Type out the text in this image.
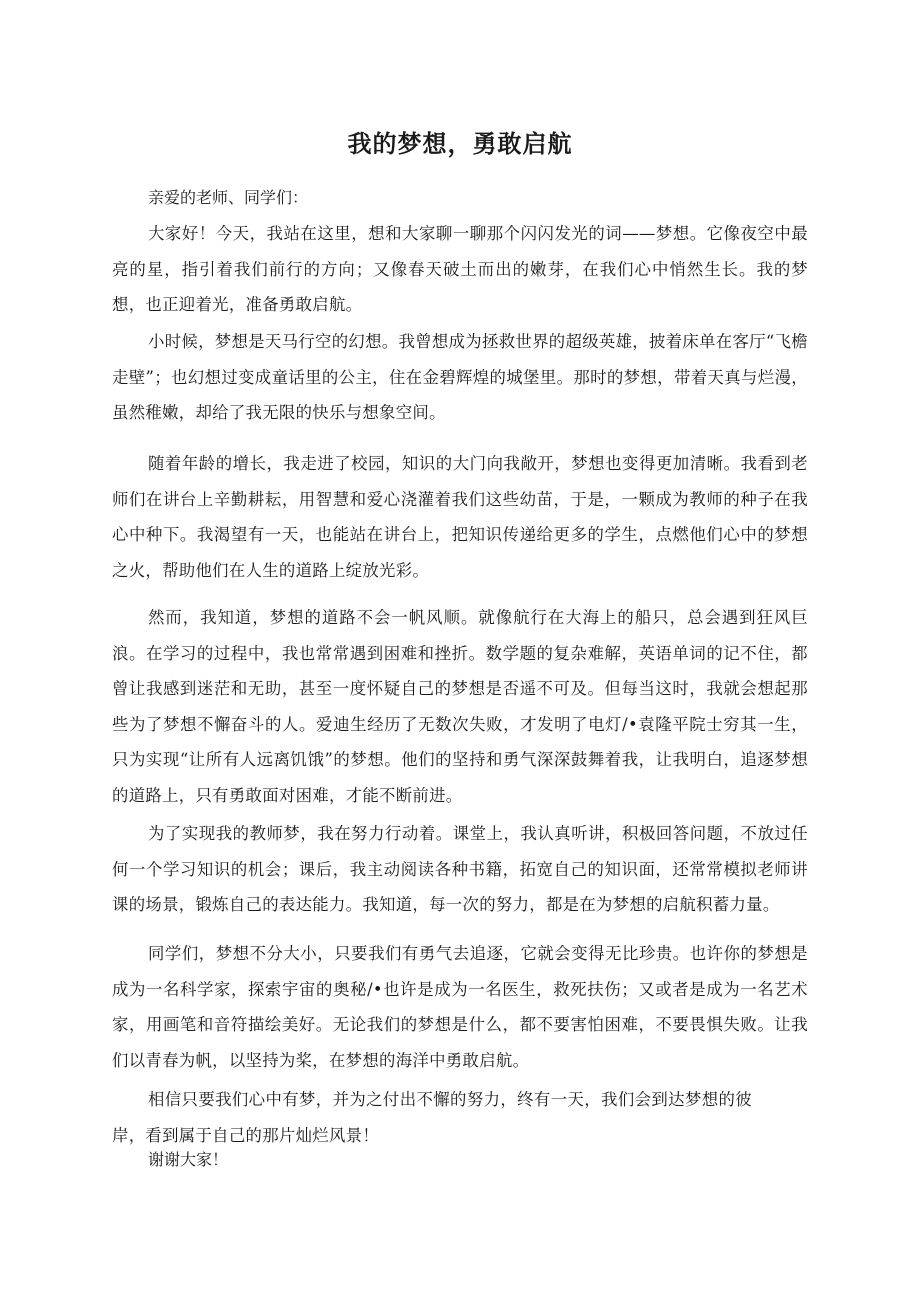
我的梦想，勇敢启航

亲爱的老师、同学们：

大家好！今天，我站在这里，想和大家聊一聊那个闪闪发光的词——梦想。它像夜空中最亮的星，指引着我们前行的方向；又像春天破土而出的嫩芽，在我们心中悄然生长。我的梦想，也正迎着光，准备勇敢启航。

小时候，梦想是天马行空的幻想。我曾想成为拯救世界的超级英雄，披着床单在客厅“飞檐走壁”；也幻想过变成童话里的公主，住在金碧辉煌的城堡里。那时的梦想，带着天真与烂漫，虽然稚嫩，却给了我无限的快乐与想象空间。

随着年龄的增长，我走进了校园，知识的大门向我敞开，梦想也变得更加清晰。我看到老师们在讲台上辛勤耕耘，用智慧和爱心浇灌着我们这些幼苗，于是，一颗成为教师的种子在我心中种下。我渴望有一天，也能站在讲台上，把知识传递给更多的学生，点燃他们心中的梦想之火，帮助他们在人生的道路上绽放光彩。

然而，我知道，梦想的道路不会一帆风顺。就像航行在大海上的船只，总会遇到狂风巨浪。在学习的过程中，我也常常遇到困难和挫折。数学题的复杂难解，英语单词的记不住，都曾让我感到迷茫和无助，甚至一度怀疑自己的梦想是否遥不可及。但每当这时，我就会想起那些为了梦想不懈奋斗的人。爱迪生经历了无数次失败，才发明了电灯/•袁隆平院士穷其一生，只为实现“让所有人远离饥饿”的梦想。他们的坚持和勇气深深鼓舞着我，让我明白，追逐梦想的道路上，只有勇敢面对困难，才能不断前进。

为了实现我的教师梦，我在努力行动着。课堂上，我认真听讲，积极回答问题，不放过任何一个学习知识的机会；课后，我主动阅读各种书籍，拓宽自己的知识面，还常常模拟老师讲课的场景，锻炼自己的表达能力。我知道，每一次的努力，都是在为梦想的启航积蓄力量。

同学们，梦想不分大小，只要我们有勇气去追逐，它就会变得无比珍贵。也许你的梦想是成为一名科学家，探索宇宙的奥秘/•也许是成为一名医生，救死扶伤；又或者是成为一名艺术家，用画笔和音符描绘美好。无论我们的梦想是什么，都不要害怕困难，不要畏惧失败。让我们以青春为帆，以坚持为桨，在梦想的海洋中勇敢启航。

相信只要我们心中有梦，并为之付出不懈的努力，终有一天，我们会到达梦想的彼岸，看到属于自己的那片灿烂风景！

谢谢大家！
